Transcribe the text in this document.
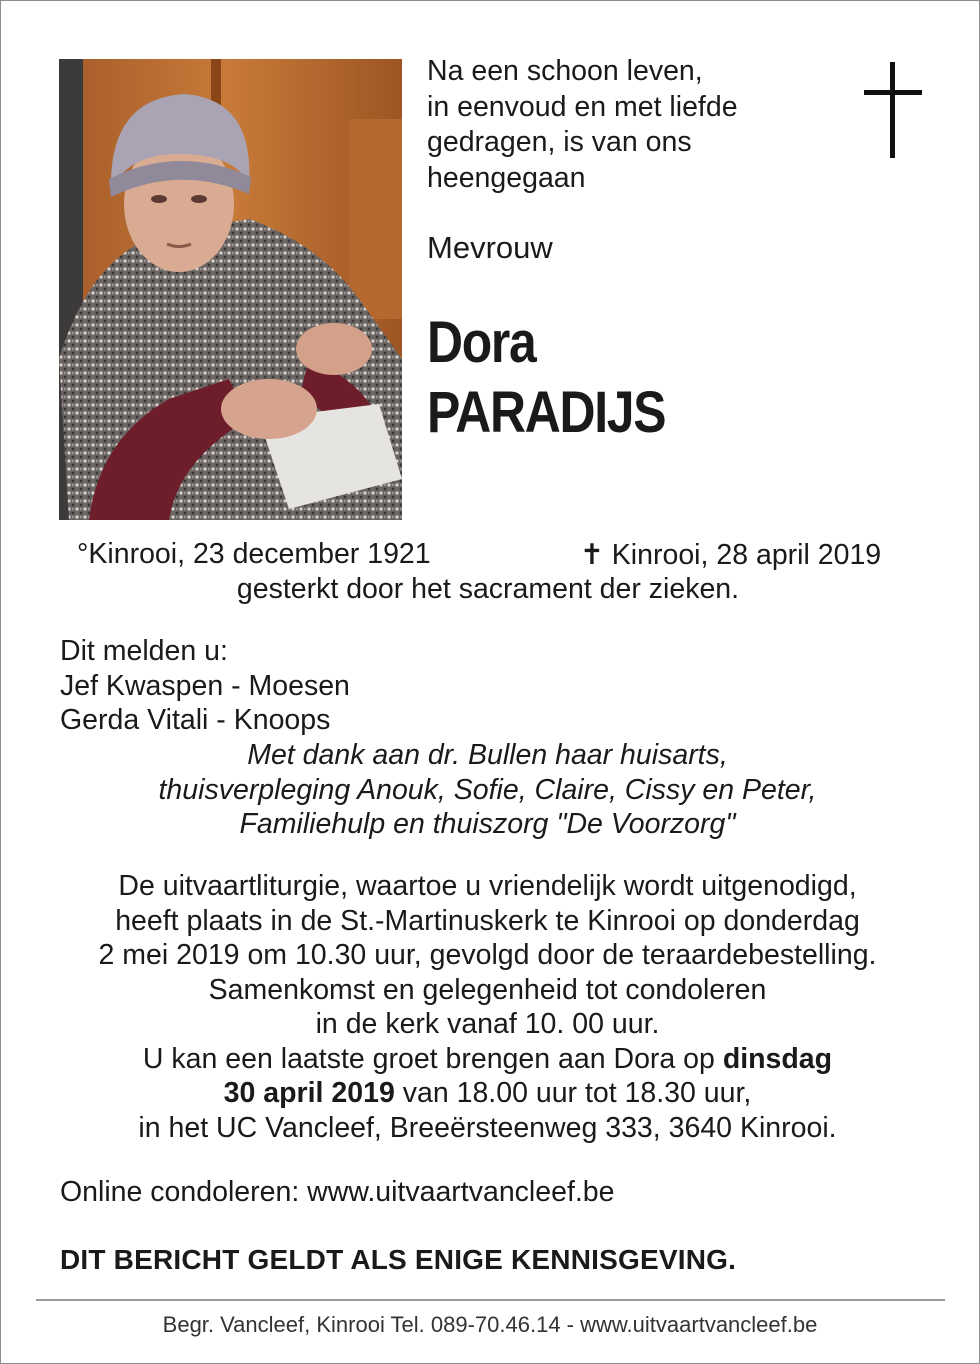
Na een schoon leven,
in eenvoud en met liefde
gedragen, is van ons
heengegaan
Mevrouw
Dora
PARADIJS
°Kinrooi, 23 december 1921	✝ Kinrooi, 28 april 2019
gesterkt door het sacrament der zieken.
Dit melden u:
Jef Kwaspen - Moesen
Gerda Vitali - Knoops
Met dank aan dr. Bullen haar huisarts,
thuisverpleging Anouk, Sofie, Claire, Cissy en Peter,
Familiehulp en thuiszorg "De Voorzorg"
De uitvaartliturgie, waartoe u vriendelijk wordt uitgenodigd,
heeft plaats in de St.-Martinuskerk te Kinrooi op donderdag
2 mei 2019 om 10.30 uur, gevolgd door de teraardebestelling.
Samenkomst en gelegenheid tot condoleren
in de kerk vanaf 10. 00 uur.
U kan een laatste groet brengen aan Dora op dinsdag
30 april 2019 van 18.00 uur tot 18.30 uur,
in het UC Vancleef, Breeërsteenweg 333, 3640 Kinrooi.
Online condoleren: www.uitvaartvancleef.be
DIT BERICHT GELDT ALS ENIGE KENNISGEVING.
Begr. Vancleef, Kinrooi Tel. 089-70.46.14 - www.uitvaartvancleef.be
